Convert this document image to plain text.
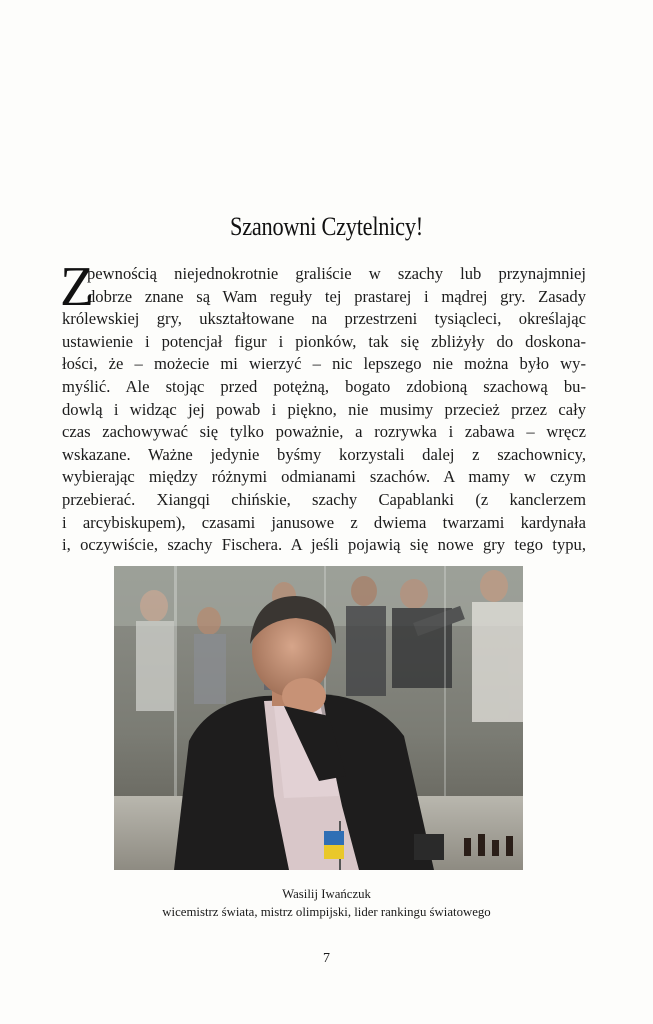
Szanowni Czytelnicy!
Z
pewnością niejednokrotnie graliście w szachy lub przynajmniej
dobrze znane są Wam reguły tej prastarej i mądrej gry. Zasady
królewskiej gry, ukształtowane na przestrzeni tysiącleci, określając
ustawienie i potencjał figur i pionków, tak się zbliżyły do doskona-
łości, że – możecie mi wierzyć – nic lepszego nie można było wy-
myślić. Ale stojąc przed potężną, bogato zdobioną szachową bu-
dowlą i widząc jej powab i piękno, nie musimy przecież przez cały
czas zachowywać się tylko poważnie, a rozrywka i zabawa – wręcz
wskazane. Ważne jedynie byśmy korzystali dalej z szachownicy,
wybierając między różnymi odmianami szachów. A mamy w czym
przebierać. Xiangqi chińskie, szachy Capablanki (z kanclerzem
i arcybiskupem), czasami janusowe z dwiema twarzami kardynała
i, oczywiście, szachy Fischera. A jeśli pojawią się nowe gry tego typu,
Wasilij Iwańczuk
wicemistrz świata, mistrz olimpijski, lider rankingu światowego
7
